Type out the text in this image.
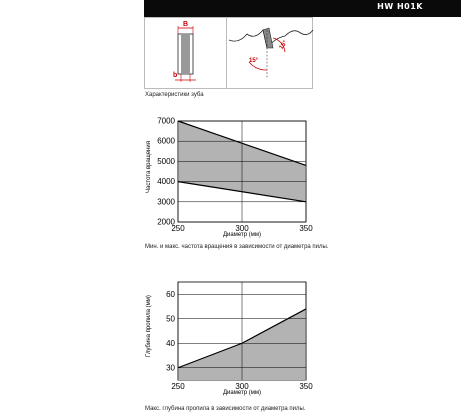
HW H01K
B
b
15°
15°
Характеристики зуба
2000
3000
4000
5000
6000
7000
250	300	350
Частота вращения
Диаметр (мм)
Мин. и макс. частота вращения в зависимости от диаметра пилы.
30
40
50
60
250	300	350
Глубина пропила (мм)
Диаметр (мм)
Макс. глубина пропила в зависимости от диаметра пилы.
